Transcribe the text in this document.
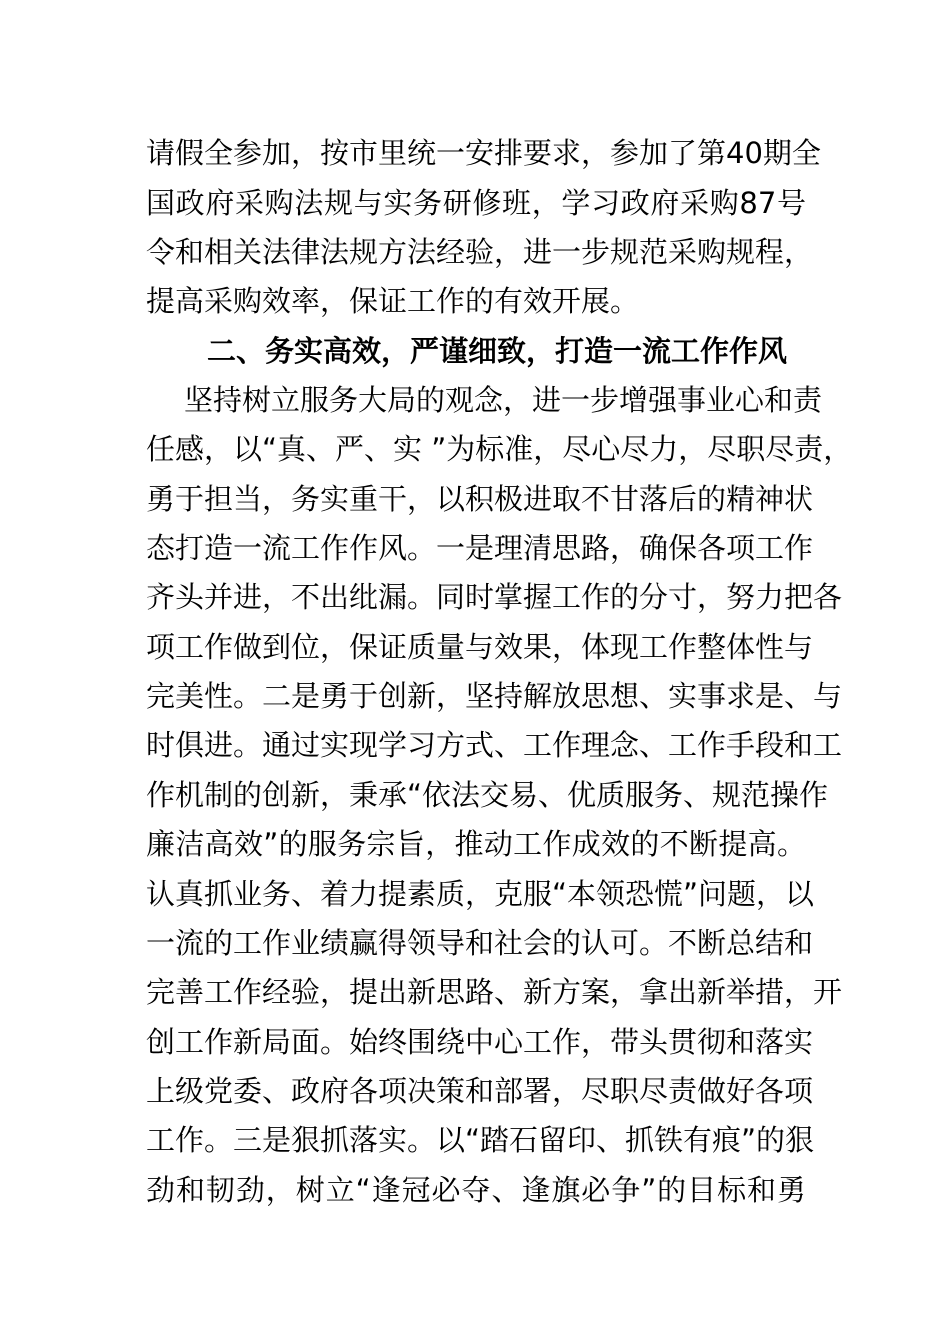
请假全参加，按市里统一安排要求，参加了第40期全
国政府采购法规与实务研修班，学习政府采购87号
令和相关法律法规方法经验，进一步规范采购规程，
提高采购效率，保证工作的有效开展。
二、务实高效，严谨细致，打造一流工作作风
坚持树立服务大局的观念，进一步增强事业心和责
任感，以“真、严、实 ”为标准，尽心尽力，尽职尽责，
勇于担当，务实重干，以积极进取不甘落后的精神状
态打造一流工作作风。一是理清思路，确保各项工作
齐头并进，不出纰漏。同时掌握工作的分寸，努力把各
项工作做到位，保证质量与效果，体现工作整体性与
完美性。二是勇于创新，坚持解放思想、实事求是、与
时俱进。通过实现学习方式、工作理念、工作手段和工
作机制的创新，秉承“依法交易、优质服务、规范操作
廉洁高效”的服务宗旨，推动工作成效的不断提高。
认真抓业务、着力提素质，克服“本领恐慌”问题，以
一流的工作业绩赢得领导和社会的认可。不断总结和
完善工作经验，提出新思路、新方案，拿出新举措，开
创工作新局面。始终围绕中心工作，带头贯彻和落实
上级党委、政府各项决策和部署，尽职尽责做好各项
工作。三是狠抓落实。以“踏石留印、抓铁有痕”的狠
劲和韧劲，树立“逢冠必夺、逢旗必争”的目标和勇
